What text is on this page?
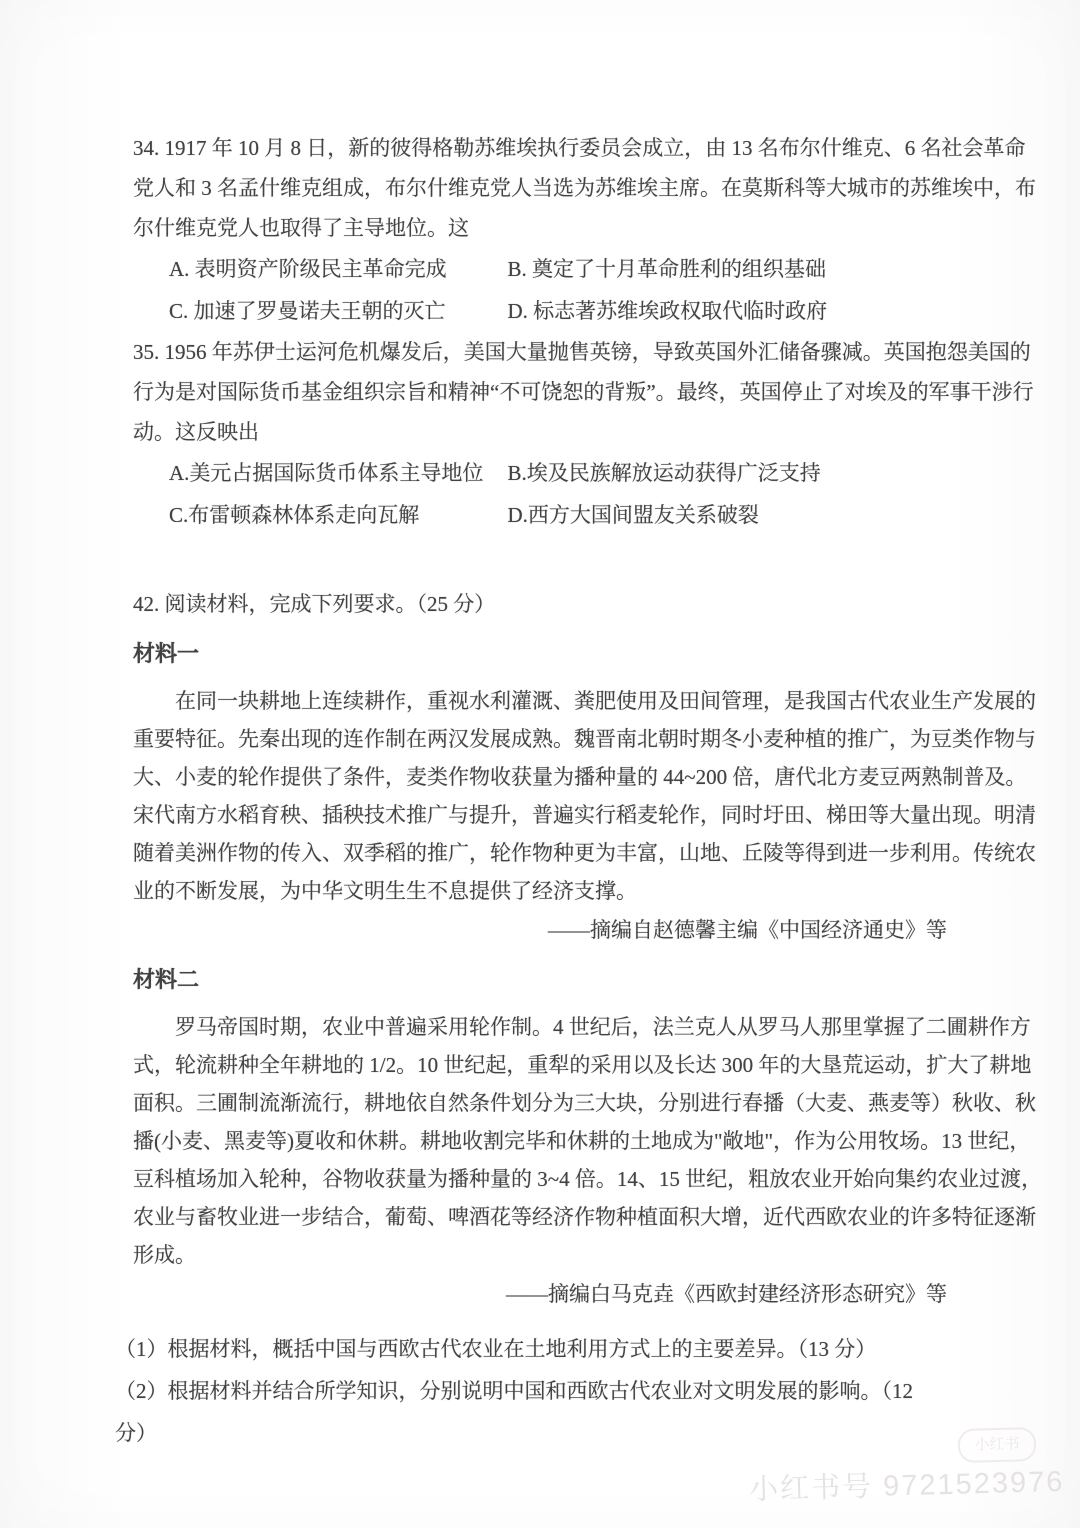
34. 1917 年 10 月 8 日，新的彼得格勒苏维埃执行委员会成立，由 13 名布尔什维克、6 名社会革命
党人和 3 名孟什维克组成，布尔什维克党人当选为苏维埃主席。在莫斯科等大城市的苏维埃中，布
尔什维克党人也取得了主导地位。这
A. 表明资产阶级民主革命完成	B. 奠定了十月革命胜利的组织基础
C. 加速了罗曼诺夫王朝的灭亡	D. 标志著苏维埃政权取代临时政府
35. 1956 年苏伊士运河危机爆发后，美国大量抛售英镑，导致英国外汇储备骤减。英国抱怨美国的
行为是对国际货币基金组织宗旨和精神“不可饶恕的背叛”。最终，英国停止了对埃及的军事干涉行
动。这反映出
A.美元占据国际货币体系主导地位	B.埃及民族解放运动获得广泛支持
C.布雷顿森林体系走向瓦解	D.西方大国间盟友关系破裂
42. 阅读材料，完成下列要求。（25 分）
材料一
在同一块耕地上连续耕作，重视水利灌溉、粪肥使用及田间管理，是我国古代农业生产发展的
重要特征。先秦出现的连作制在两汉发展成熟。魏晋南北朝时期冬小麦种植的推广，为豆类作物与
大、小麦的轮作提供了条件，麦类作物收获量为播种量的 44~200 倍，唐代北方麦豆两熟制普及。
宋代南方水稻育秧、插秧技术推广与提升，普遍实行稻麦轮作，同时圩田、梯田等大量出现。明清
随着美洲作物的传入、双季稻的推广，轮作物种更为丰富，山地、丘陵等得到进一步利用。传统农
业的不断发展，为中华文明生生不息提供了经济支撑。
——摘编自赵德馨主编《中国经济通史》等
材料二
罗马帝国时期，农业中普遍采用轮作制。4 世纪后，法兰克人从罗马人那里掌握了二圃耕作方
式，轮流耕种全年耕地的 1/2。10 世纪起，重犁的采用以及长达 300 年的大垦荒运动，扩大了耕地
面积。三圃制流渐流行，耕地依自然条件划分为三大块，分别进行春播（大麦、燕麦等）秋收、秋
播(小麦、黑麦等)夏收和休耕。耕地收割完毕和休耕的土地成为"敞地"，作为公用牧场。13 世纪，
豆科植场加入轮种，谷物收获量为播种量的 3~4 倍。14、15 世纪，粗放农业开始向集约农业过渡，
农业与畜牧业进一步结合，葡萄、啤酒花等经济作物种植面积大增，近代西欧农业的许多特征逐渐
形成。
——摘编白马克垚《西欧封建经济形态研究》等
（1）根据材料，概括中国与西欧古代农业在土地利用方式上的主要差异。（13 分）
（2）根据材料并结合所学知识，分别说明中国和西欧古代农业对文明发展的影响。（12 分）	小红书
小红书号 9721523976
